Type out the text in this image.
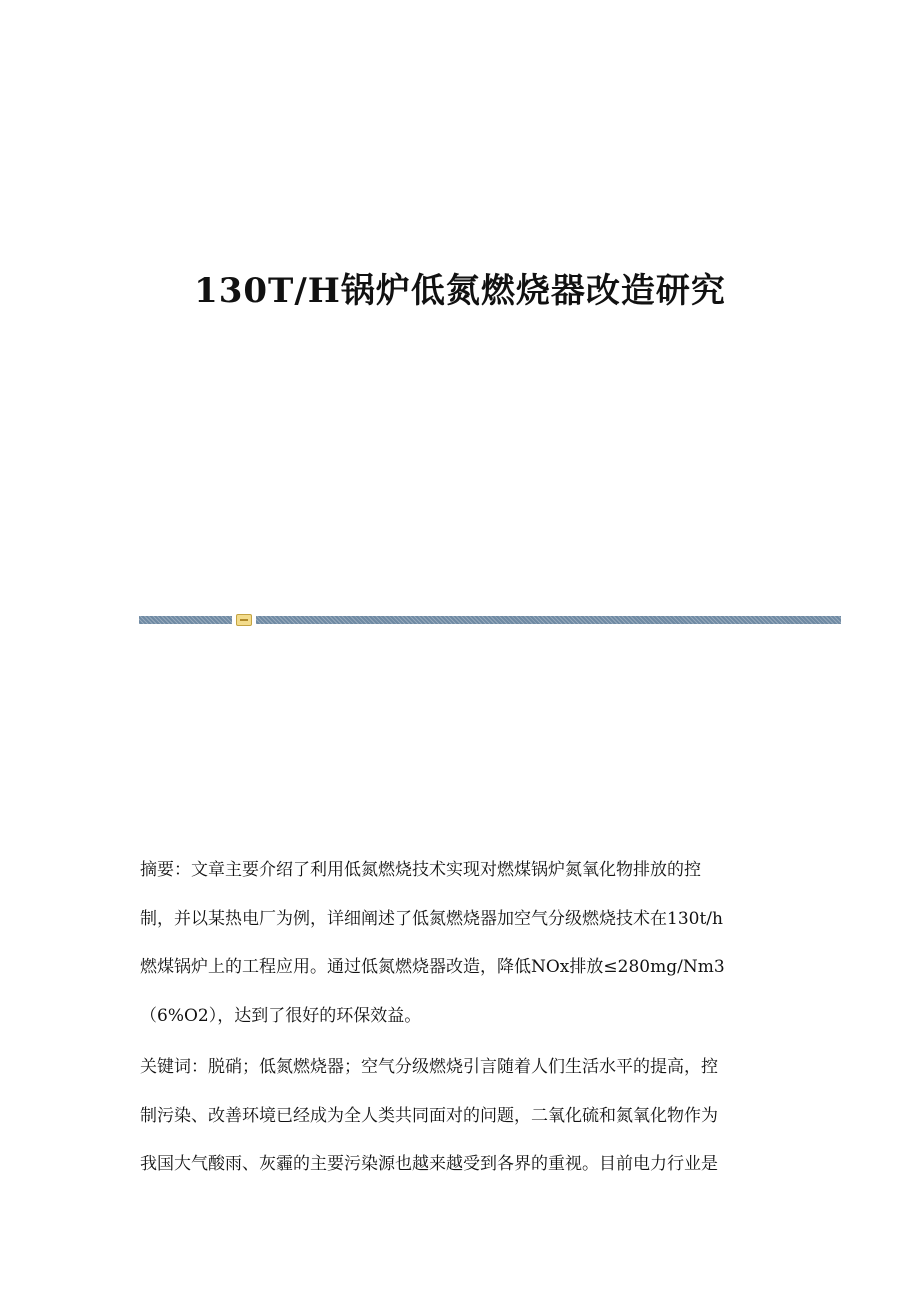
130T/H锅炉低氮燃烧器改造研究

摘要：文章主要介绍了利用低氮燃烧技术实现对燃煤锅炉氮氧化物排放的控
制，并以某热电厂为例，详细阐述了低氮燃烧器加空气分级燃烧技术在130t/h
燃煤锅炉上的工程应用。通过低氮燃烧器改造，降低NOx排放≤280mg/Nm3
（6%O2），达到了很好的环保效益。

关键词：脱硝；低氮燃烧器；空气分级燃烧引言随着人们生活水平的提高，控
制污染、改善环境已经成为全人类共同面对的问题，二氧化硫和氮氧化物作为
我国大气酸雨、灰霾的主要污染源也越来越受到各界的重视。目前电力行业是
